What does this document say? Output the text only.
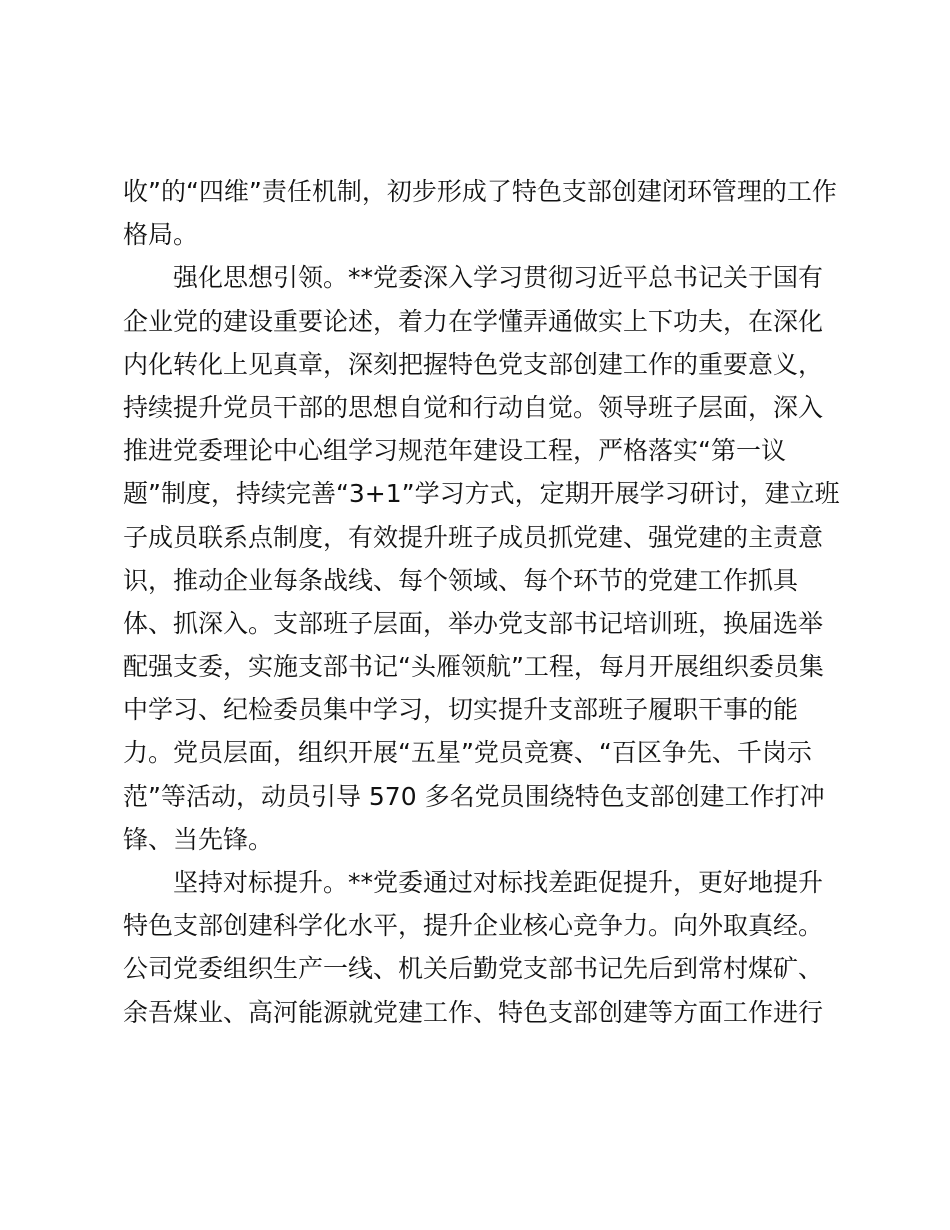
收”的“四维”责任机制，初步形成了特色支部创建闭环管理的工作
格局。
强化思想引领。**党委深入学习贯彻习近平总书记关于国有
企业党的建设重要论述，着力在学懂弄通做实上下功夫，在深化
内化转化上见真章，深刻把握特色党支部创建工作的重要意义，
持续提升党员干部的思想自觉和行动自觉。领导班子层面，深入
推进党委理论中心组学习规范年建设工程，严格落实“第一议
题”制度，持续完善“3+1”学习方式，定期开展学习研讨，建立班
子成员联系点制度，有效提升班子成员抓党建、强党建的主责意
识，推动企业每条战线、每个领域、每个环节的党建工作抓具
体、抓深入。支部班子层面，举办党支部书记培训班，换届选举
配强支委，实施支部书记“头雁领航”工程，每月开展组织委员集
中学习、纪检委员集中学习，切实提升支部班子履职干事的能
力。党员层面，组织开展“五星”党员竞赛、“百区争先、千岗示
范”等活动，动员引导 570 多名党员围绕特色支部创建工作打冲
锋、当先锋。
坚持对标提升。**党委通过对标找差距促提升，更好地提升
特色支部创建科学化水平，提升企业核心竞争力。向外取真经。
公司党委组织生产一线、机关后勤党支部书记先后到常村煤矿、
余吾煤业、高河能源就党建工作、特色支部创建等方面工作进行
